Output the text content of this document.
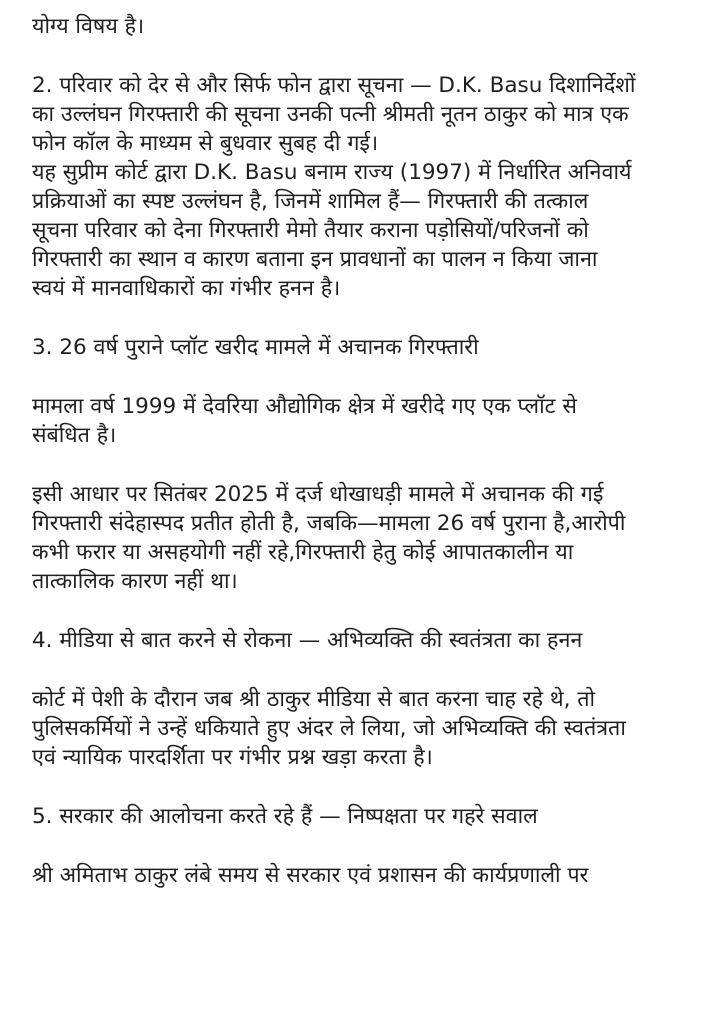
योग्य विषय है।
2. परिवार को देर से और सिर्फ फोन द्वारा सूचना — D.K. Basu दिशानिर्देशों
का उल्लंघन गिरफ्तारी की सूचना उनकी पत्नी श्रीमती नूतन ठाकुर को मात्र एक
फोन कॉल के माध्यम से बुधवार सुबह दी गई।
यह सुप्रीम कोर्ट द्वारा D.K. Basu बनाम राज्य (1997) में निर्धारित अनिवार्य
प्रक्रियाओं का स्पष्ट उल्लंघन है, जिनमें शामिल हैं— गिरफ्तारी की तत्काल
सूचना परिवार को देना गिरफ्तारी मेमो तैयार कराना पड़ोसियों/परिजनों को
गिरफ्तारी का स्थान व कारण बताना इन प्रावधानों का पालन न किया जाना
स्वयं में मानवाधिकारों का गंभीर हनन है।
3. 26 वर्ष पुराने प्लॉट खरीद मामले में अचानक गिरफ्तारी
मामला वर्ष 1999 में देवरिया औद्योगिक क्षेत्र में खरीदे गए एक प्लॉट से
संबंधित है।
इसी आधार पर सितंबर 2025 में दर्ज धोखाधड़ी मामले में अचानक की गई
गिरफ्तारी संदेहास्पद प्रतीत होती है, जबकि—मामला 26 वर्ष पुराना है,आरोपी
कभी फरार या असहयोगी नहीं रहे,गिरफ्तारी हेतु कोई आपातकालीन या
तात्कालिक कारण नहीं था।
4. मीडिया से बात करने से रोकना — अभिव्यक्ति की स्वतंत्रता का हनन
कोर्ट में पेशी के दौरान जब श्री ठाकुर मीडिया से बात करना चाह रहे थे, तो
पुलिसकर्मियों ने उन्हें धकियाते हुए अंदर ले लिया, जो अभिव्यक्ति की स्वतंत्रता
एवं न्यायिक पारदर्शिता पर गंभीर प्रश्न खड़ा करता है।
5. सरकार की आलोचना करते रहे हैं — निष्पक्षता पर गहरे सवाल
श्री अमिताभ ठाकुर लंबे समय से सरकार एवं प्रशासन की कार्यप्रणाली पर
